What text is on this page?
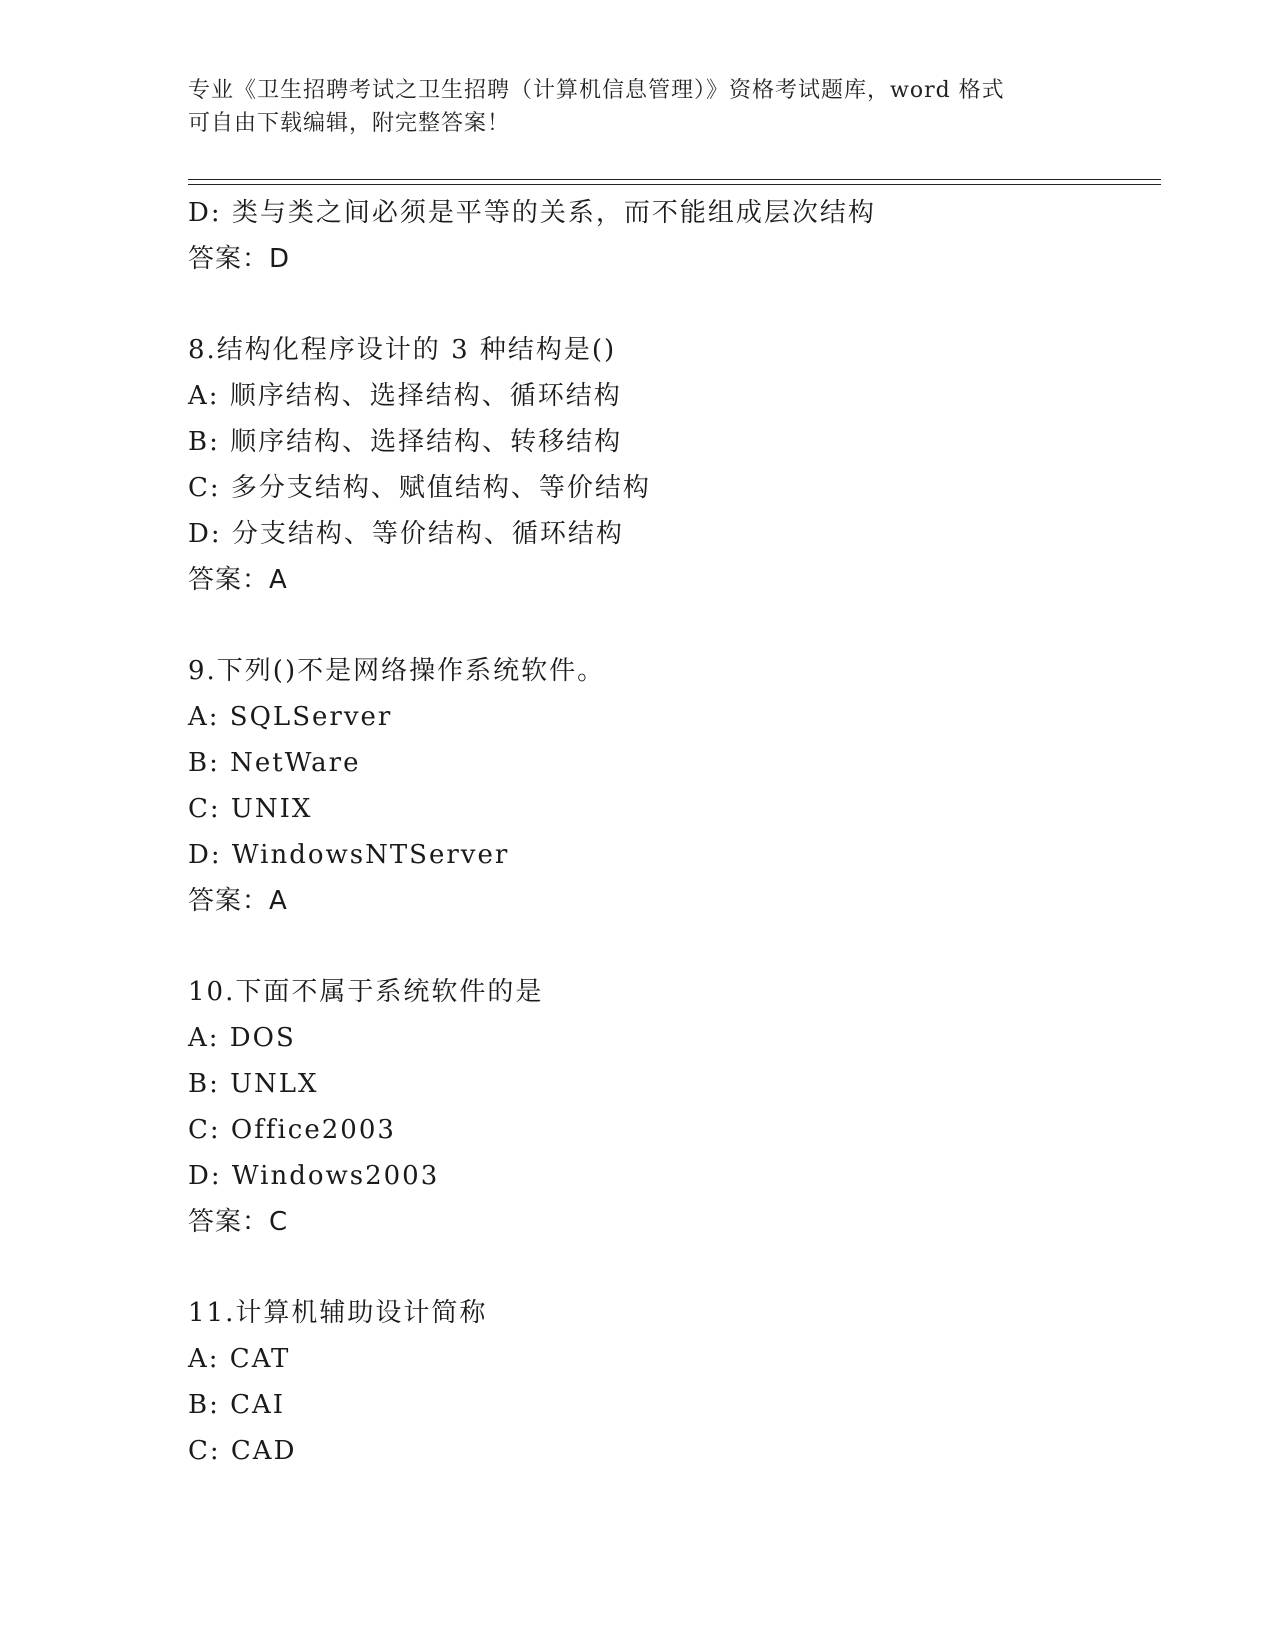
专业《卫生招聘考试之卫生招聘（计算机信息管理）》资格考试题库，word 格式
可自由下载编辑，附完整答案！
D: 类与类之间必须是平等的关系，而不能组成层次结构
答案：D
8.结构化程序设计的 3 种结构是()
A: 顺序结构、选择结构、循环结构
B: 顺序结构、选择结构、转移结构
C: 多分支结构、赋值结构、等价结构
D: 分支结构、等价结构、循环结构
答案：A
9.下列()不是网络操作系统软件。
A: SQLServer
B: NetWare
C: UNIX
D: WindowsNTServer
答案：A
10.下面不属于系统软件的是
A: DOS
B: UNLX
C: Office2003
D: Windows2003
答案：C
11.计算机辅助设计简称
A: CAT
B: CAI
C: CAD
